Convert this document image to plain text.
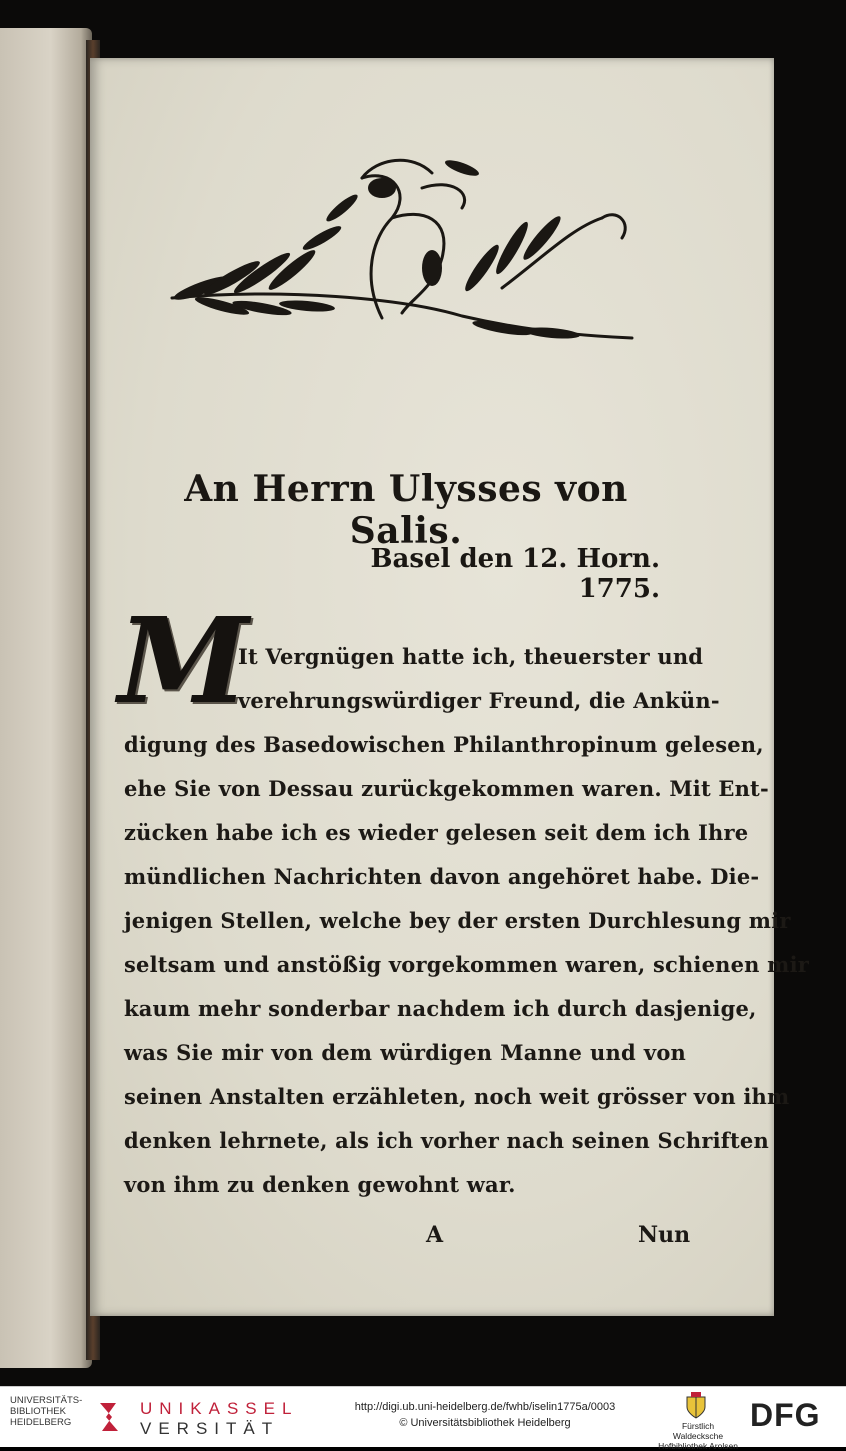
An Herrn Ulysses von Salis.
Basel den 12. Horn. 1775.
M
It Vergnügen hatte ich, theuerster und
verehrungswürdiger Freund, die Ankün-
digung des Basedowischen Philanthropinum gelesen,
ehe Sie von Dessau zurückgekommen waren. Mit Ent-
zücken habe ich es wieder gelesen seit dem ich Ihre
mündlichen Nachrichten davon angehöret habe. Die-
jenigen Stellen, welche bey der ersten Durchlesung mir
seltsam und anstößig vorgekommen waren, schienen mir
kaum mehr sonderbar nachdem ich durch dasjenige,
was Sie mir von dem würdigen Manne und von
seinen Anstalten erzähleten, noch weit grösser von ihm
denken lehrnete, als ich vorher nach seinen Schriften
von ihm zu denken gewohnt war.
A	Nun
UNIVERSITÄTS-
BIBLIOTHEK
HEIDELBERG
UNIKASSEL
VERSITÄT
http://digi.ub.uni-heidelberg.de/fwhb/iselin1775a/0003
© Universitätsbibliothek Heidelberg	Fürstlich Waldecksche
Hofbibliothek Arolsen
DFG
